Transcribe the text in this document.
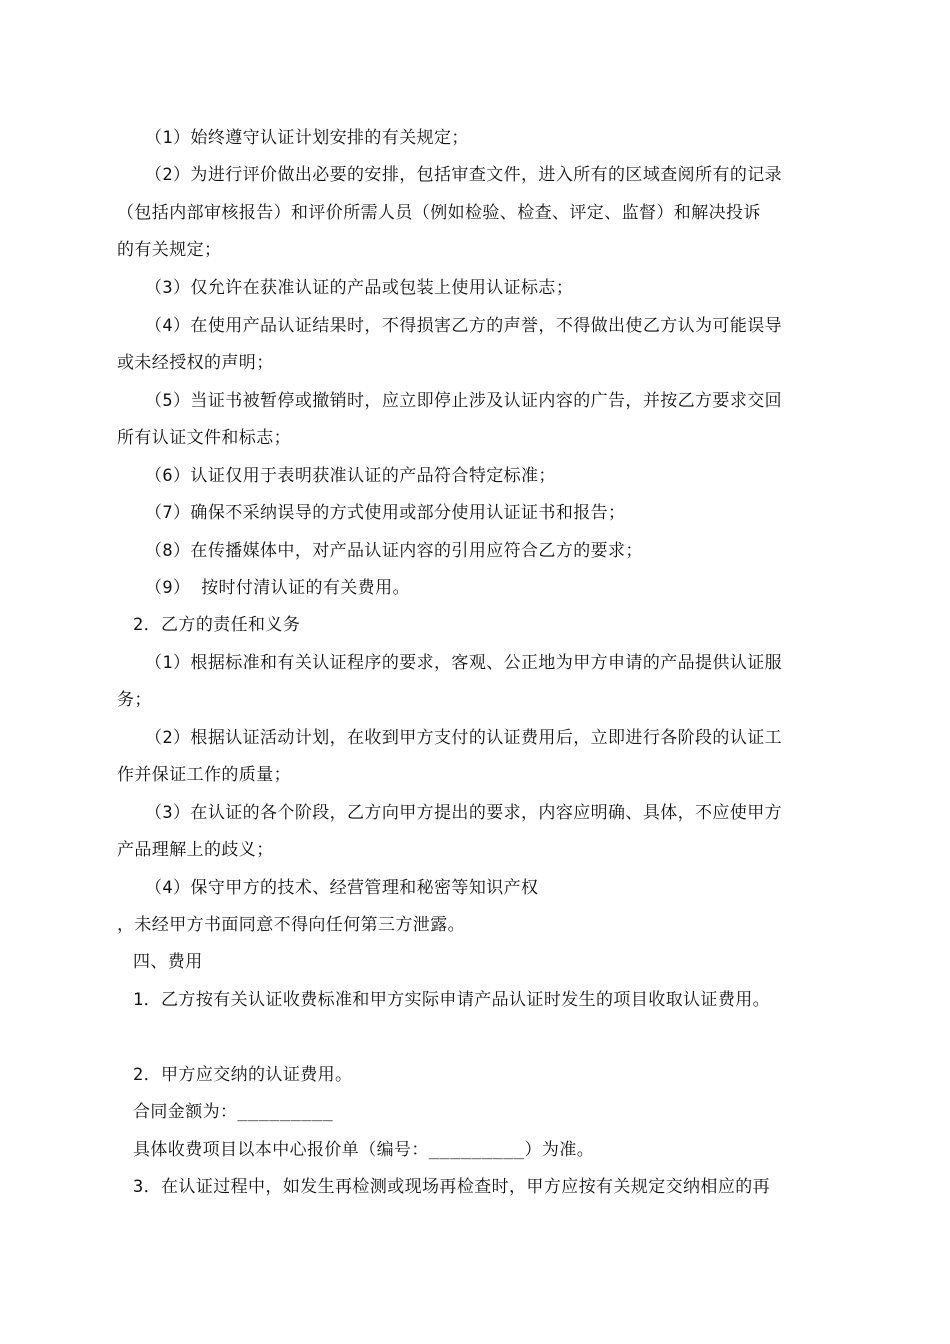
（1）始终遵守认证计划安排的有关规定；
（2）为进行评价做出必要的安排，包括审查文件，进入所有的区域查阅所有的记录
（包括内部审核报告）和评价所需人员（例如检验、检查、评定、监督）和解决投诉
的有关规定；
（3）仅允许在获准认证的产品或包装上使用认证标志；
（4）在使用产品认证结果时，不得损害乙方的声誉，不得做出使乙方认为可能误导
或未经授权的声明；
（5）当证书被暂停或撤销时，应立即停止涉及认证内容的广告，并按乙方要求交回
所有认证文件和标志；
（6）认证仅用于表明获准认证的产品符合特定标准；
（7）确保不采纳误导的方式使用或部分使用认证证书和报告；
（8）在传播媒体中，对产品认证内容的引用应符合乙方的要求；
（9） 按时付清认证的有关费用。
2．乙方的责任和义务
（1）根据标准和有关认证程序的要求，客观、公正地为甲方申请的产品提供认证服
务；
（2）根据认证活动计划，在收到甲方支付的认证费用后，立即进行各阶段的认证工
作并保证工作的质量；
（3）在认证的各个阶段，乙方向甲方提出的要求，内容应明确、具体，不应使甲方
产品理解上的歧义；
（4）保守甲方的技术、经营管理和秘密等知识产权
，未经甲方书面同意不得向任何第三方泄露。
四、费用
1．乙方按有关认证收费标准和甲方实际申请产品认证时发生的项目收取认证费用。
2．甲方应交纳的认证费用。
合同金额为：_________
具体收费项目以本中心报价单（编号：_________）为准。
3．在认证过程中，如发生再检测或现场再检查时，甲方应按有关规定交纳相应的再
